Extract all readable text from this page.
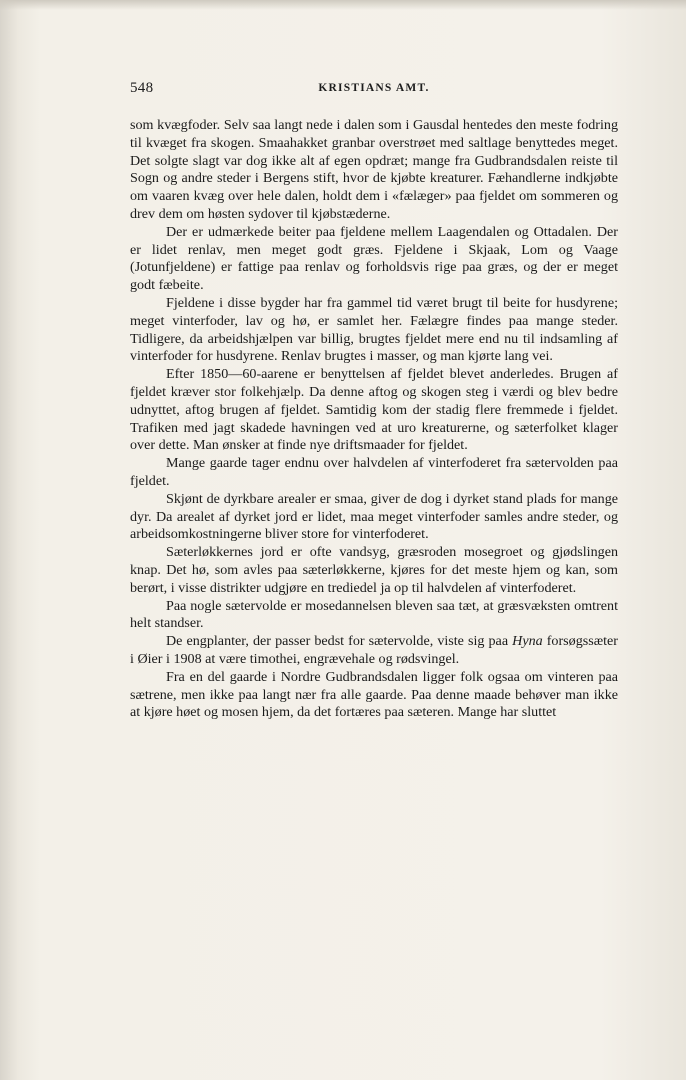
548	KRISTIANS AMT.

som kvægfoder. Selv saa langt nede i dalen som i Gausdal hentedes den meste fodring til kvæget fra skogen. Smaahakket granbar overstrøet med saltlage benyttedes meget. Det solgte slagt var dog ikke alt af egen opdræt; mange fra Gudbrandsdalen reiste til Sogn og andre steder i Bergens stift, hvor de kjøbte kreaturer. Fæhandlerne indkjøbte om vaaren kvæg over hele dalen, holdt dem i «fælæger» paa fjeldet om sommeren og drev dem om høsten sydover til kjøbstæderne.

Der er udmærkede beiter paa fjeldene mellem Laagendalen og Ottadalen. Der er lidet renlav, men meget godt græs. Fjeldene i Skjaak, Lom og Vaage (Jotunfjeldene) er fattige paa renlav og forholdsvis rige paa græs, og der er meget godt fæbeite.

Fjeldene i disse bygder har fra gammel tid været brugt til beite for husdyrene; meget vinterfoder, lav og hø, er samlet her. Fælægre findes paa mange steder. Tidligere, da arbeidshjælpen var billig, brugtes fjeldet mere end nu til indsamling af vinterfoder for husdyrene. Renlav brugtes i masser, og man kjørte lang vei.

Efter 1850—60-aarene er benyttelsen af fjeldet blevet anderledes. Brugen af fjeldet kræver stor folkehjælp. Da denne aftog og skogen steg i værdi og blev bedre udnyttet, aftog brugen af fjeldet. Samtidig kom der stadig flere fremmede i fjeldet. Trafiken med jagt skadede havningen ved at uro kreaturerne, og sæterfolket klager over dette. Man ønsker at finde nye driftsmaader for fjeldet.

Mange gaarde tager endnu over halvdelen af vinterfoderet fra sætervolden paa fjeldet.

Skjønt de dyrkbare arealer er smaa, giver de dog i dyrket stand plads for mange dyr. Da arealet af dyrket jord er lidet, maa meget vinterfoder samles andre steder, og arbeidsomkostningerne bliver store for vinterfoderet.

Sæterløkkernes jord er ofte vandsyg, græsroden mosegroet og gjødslingen knap. Det hø, som avles paa sæterløkkerne, kjøres for det meste hjem og kan, som berørt, i visse distrikter udgjøre en trediedel ja op til halvdelen af vinterfoderet.

Paa nogle sætervolde er mosedannelsen bleven saa tæt, at græsvæksten omtrent helt standser.

De engplanter, der passer bedst for sætervolde, viste sig paa Hyna forsøgssæter i Øier i 1908 at være timothei, engrævehale og rødsvingel.

Fra en del gaarde i Nordre Gudbrandsdalen ligger folk ogsaa om vinteren paa sætrene, men ikke paa langt nær fra alle gaarde. Paa denne maade behøver man ikke at kjøre høet og mosen hjem, da det fortæres paa sæteren. Mange har sluttet
